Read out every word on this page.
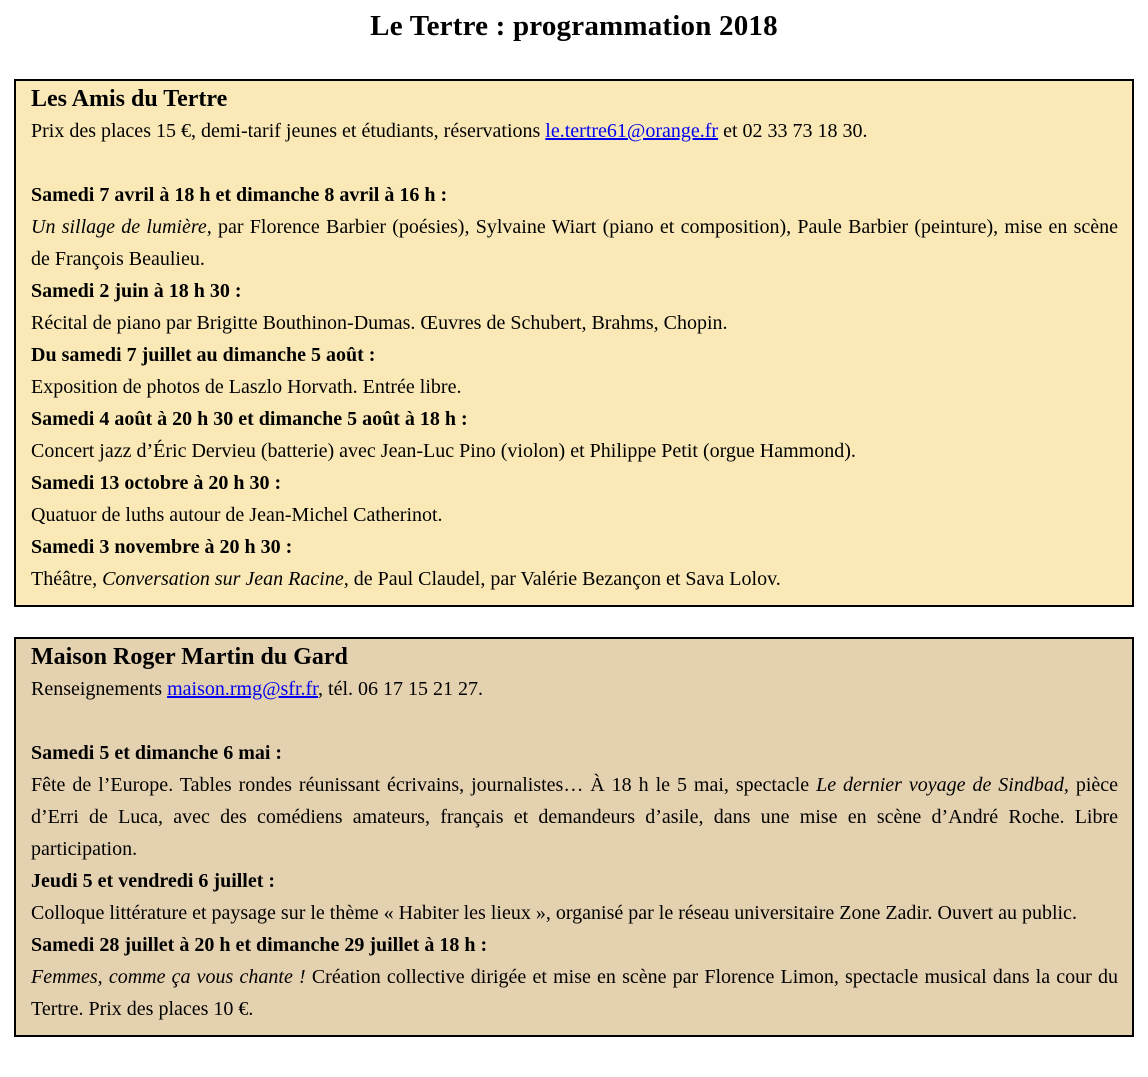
Le Tertre : programmation 2018
Les Amis du Tertre

Prix des places 15 €, demi-tarif jeunes et étudiants, réservations le.tertre61@orange.fr et 02 33 73 18 30.

Samedi 7 avril à 18 h et dimanche 8 avril à 16 h :
Un sillage de lumière, par Florence Barbier (poésies), Sylvaine Wiart (piano et composition), Paule Barbier (peinture), mise en scène de François Beaulieu.
Samedi 2 juin à 18 h 30 :
Récital de piano par Brigitte Bouthinon-Dumas. Œuvres de Schubert, Brahms, Chopin.
Du samedi 7 juillet au dimanche 5 août :
Exposition de photos de Laszlo Horvath. Entrée libre.
Samedi 4 août à 20 h 30 et dimanche 5 août à 18 h :
Concert jazz d’Éric Dervieu (batterie) avec Jean-Luc Pino (violon) et Philippe Petit (orgue Hammond).
Samedi 13 octobre à 20 h 30 :
Quatuor de luths autour de Jean-Michel Catherinot.
Samedi 3 novembre à 20 h 30 :
Théâtre, Conversation sur Jean Racine, de Paul Claudel, par Valérie Bezançon et Sava Lolov.
Maison Roger Martin du Gard

Renseignements maison.rmg@sfr.fr, tél. 06 17 15 21 27.

Samedi 5 et dimanche 6 mai :
Fête de l’Europe. Tables rondes réunissant écrivains, journalistes… À 18 h le 5 mai, spectacle Le dernier voyage de Sindbad, pièce d’Erri de Luca, avec des comédiens amateurs, français et demandeurs d’asile, dans une mise en scène d’André Roche. Libre participation.
Jeudi 5 et vendredi 6 juillet :
Colloque littérature et paysage sur le thème « Habiter les lieux », organisé par le réseau universitaire Zone Zadir. Ouvert au public.
Samedi 28 juillet à 20 h et dimanche 29 juillet à 18 h :
Femmes, comme ça vous chante ! Création collective dirigée et mise en scène par Florence Limon, spectacle musical dans la cour du Tertre. Prix des places 10 €.
